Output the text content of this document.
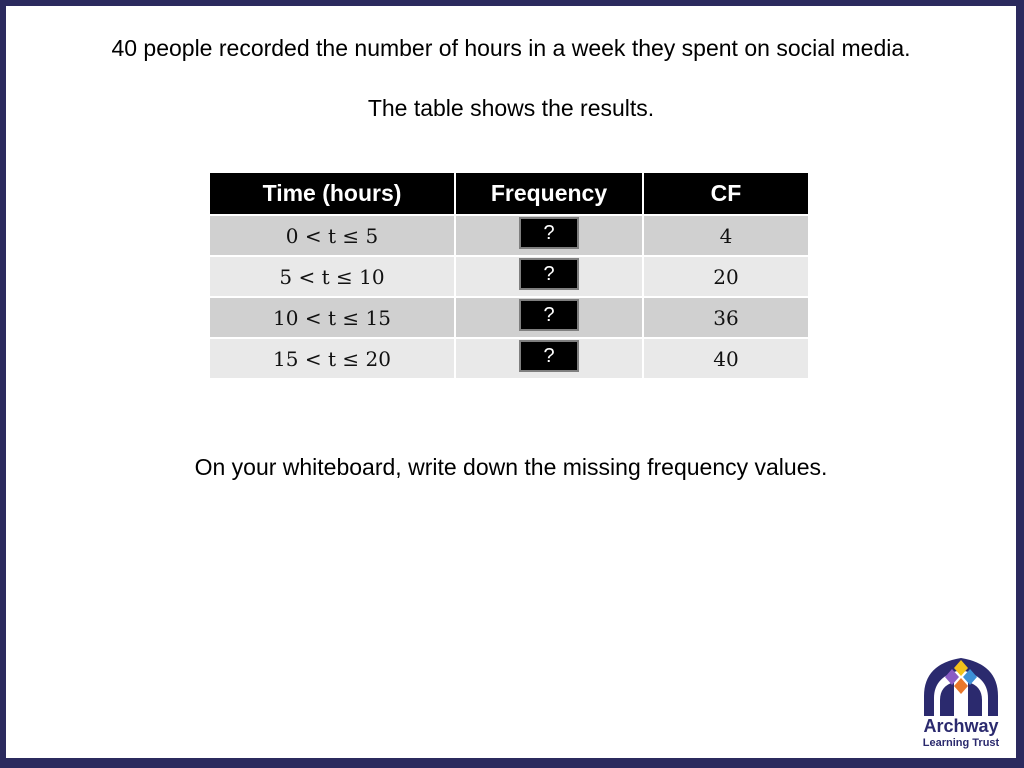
40 people recorded the number of hours in a week they spent on social media.
The table shows the results.
Time (hours)	Frequency	CF
0 < t ≤ 5	?	4
5 < t ≤ 10	?	20
10 < t ≤ 15	?	36
15 < t ≤ 20	?	40
On your whiteboard, write down the missing frequency values.
Archway
Learning Trust
